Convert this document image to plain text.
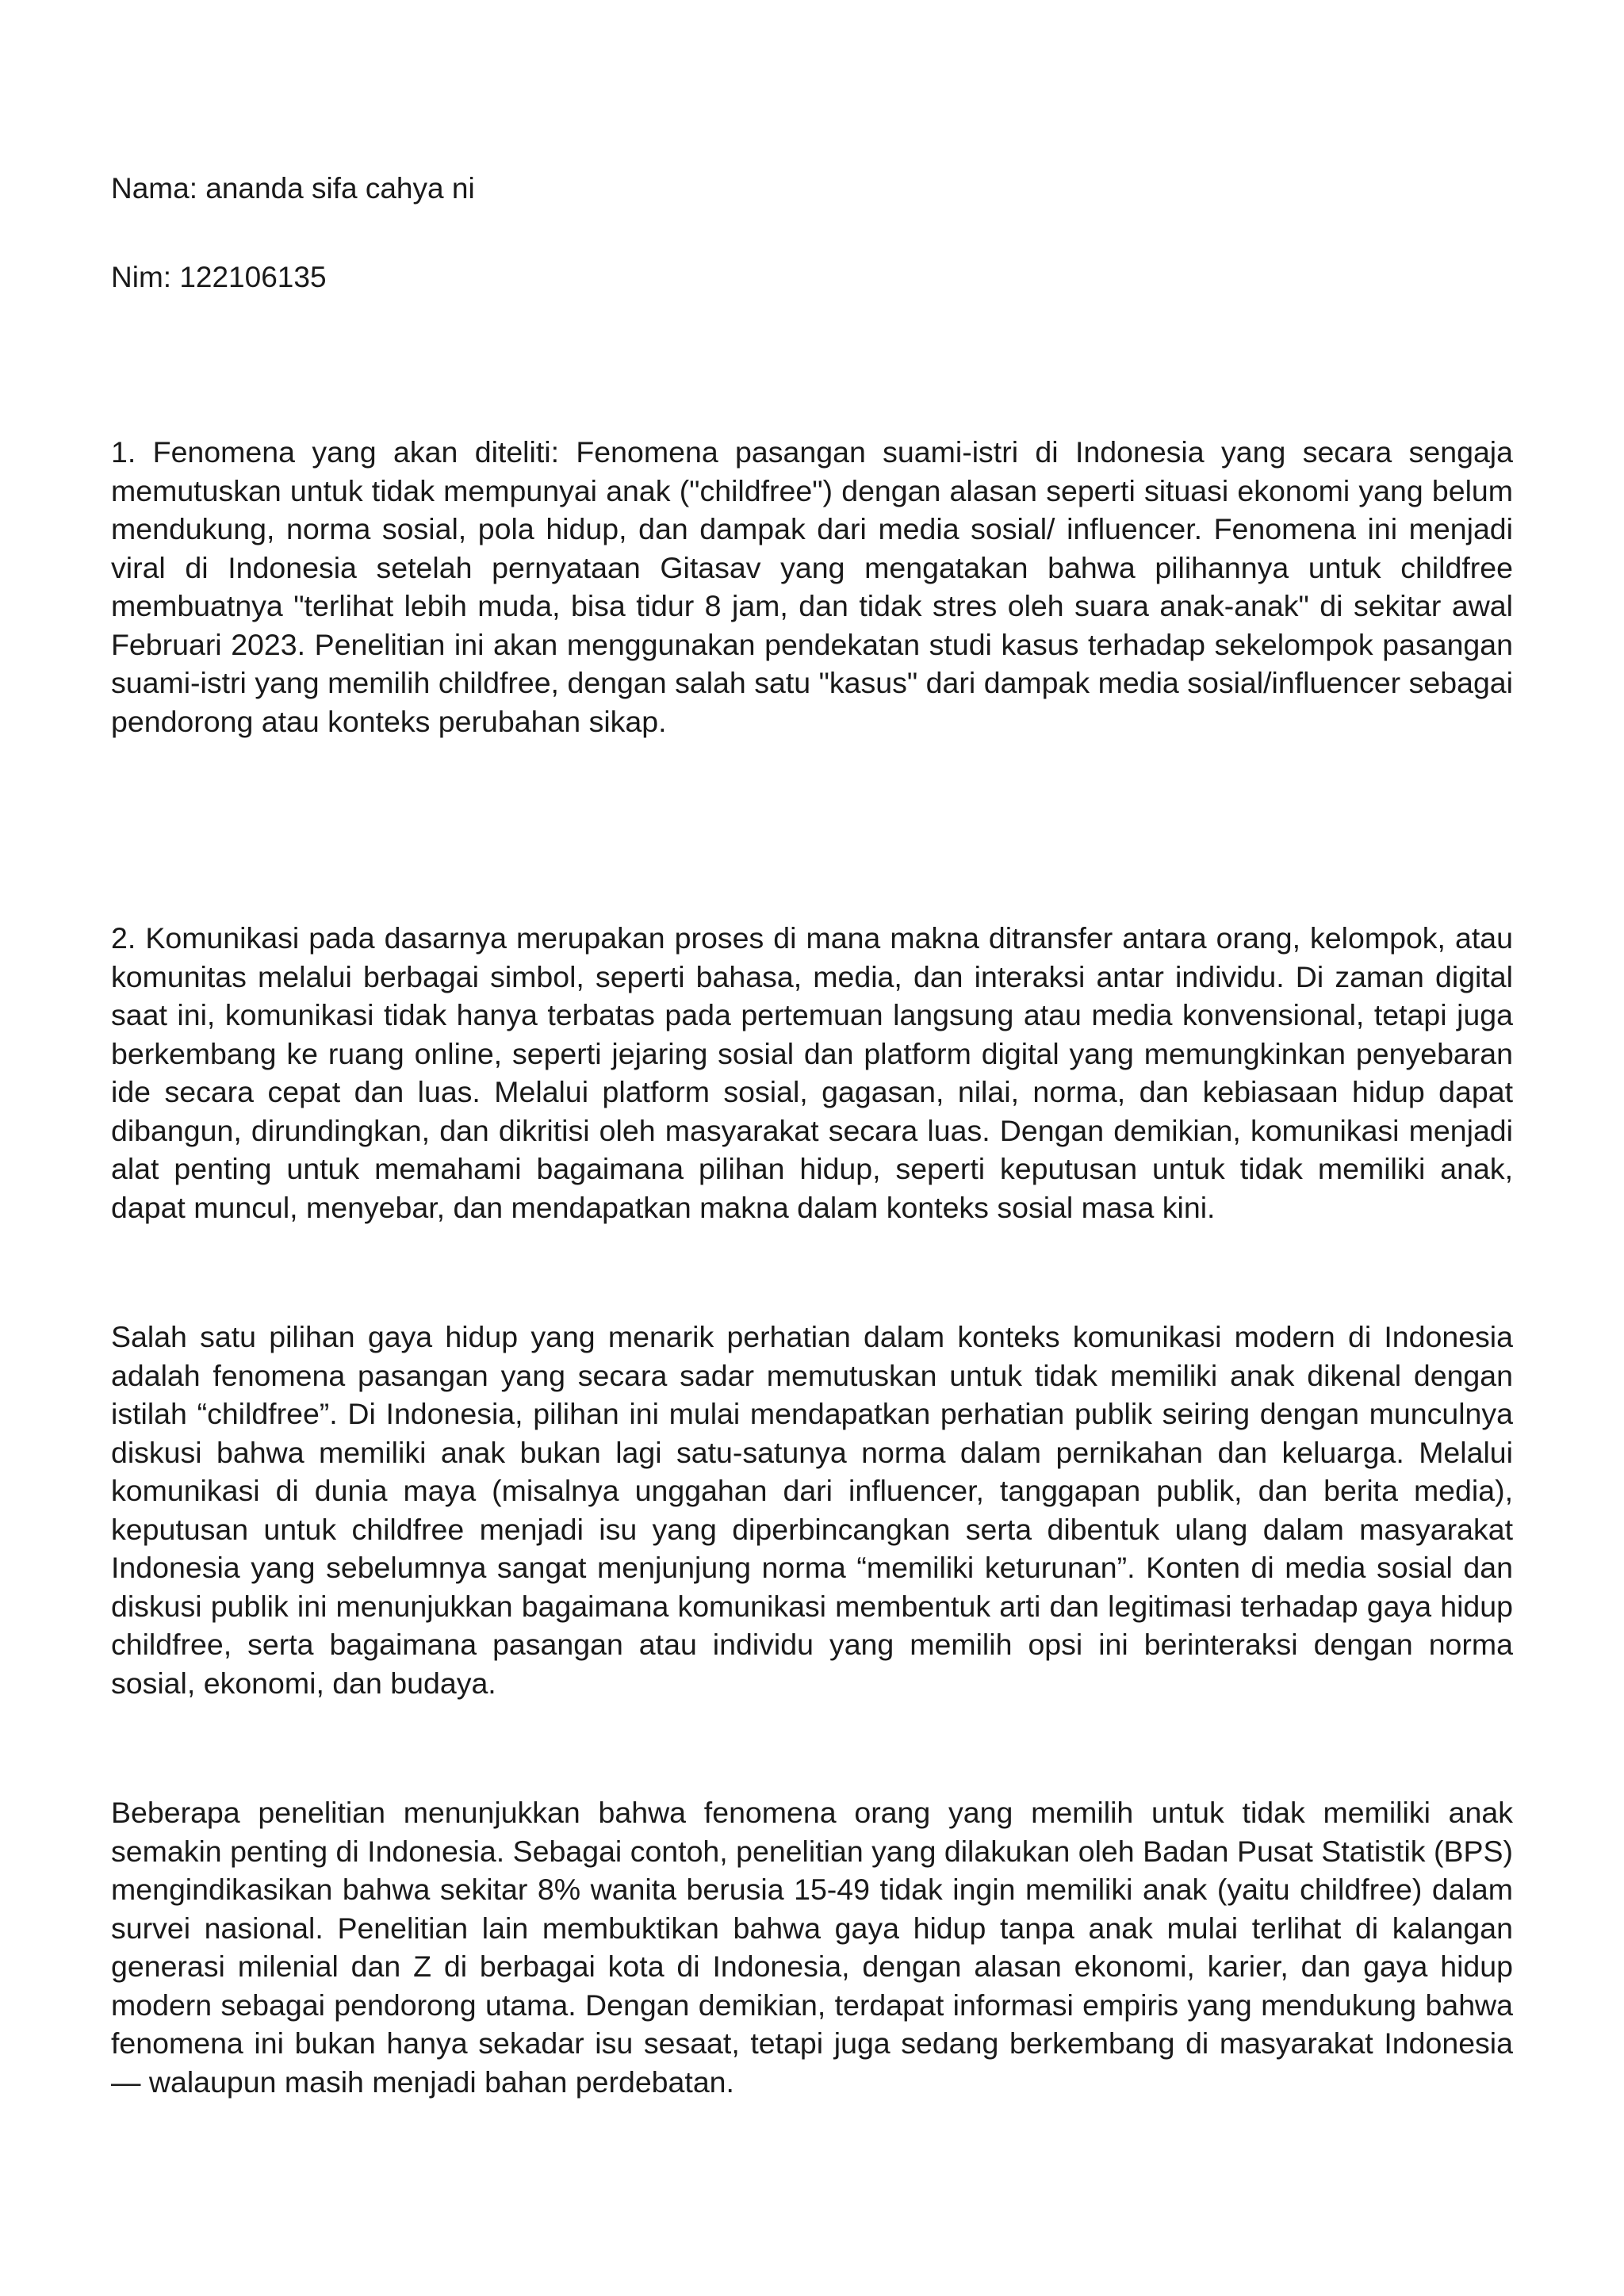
Nama: ananda sifa cahya ni

Nim: 122106135

1. Fenomena yang akan diteliti: Fenomena pasangan suami‑istri di Indonesia yang secara sengaja memutuskan untuk tidak mempunyai anak ("childfree") dengan alasan seperti situasi ekonomi yang belum mendukung, norma sosial, pola hidup, dan dampak dari media sosial/ influencer. Fenomena ini menjadi viral di Indonesia setelah pernyataan Gitasav yang mengatakan bahwa pilihannya untuk childfree membuatnya "terlihat lebih muda, bisa tidur 8 jam, dan tidak stres oleh suara anak‑anak" di sekitar awal Februari 2023. Penelitian ini akan menggunakan pendekatan studi kasus terhadap sekelompok pasangan suami‑istri yang memilih childfree, dengan salah satu "kasus" dari dampak media sosial/influencer sebagai pendorong atau konteks perubahan sikap.

2. Komunikasi pada dasarnya merupakan proses di mana makna ditransfer antara orang, kelompok, atau komunitas melalui berbagai simbol, seperti bahasa, media, dan interaksi antar individu. Di zaman digital saat ini, komunikasi tidak hanya terbatas pada pertemuan langsung atau media konvensional, tetapi juga berkembang ke ruang online, seperti jejaring sosial dan platform digital yang memungkinkan penyebaran ide secara cepat dan luas. Melalui platform sosial, gagasan, nilai, norma, dan kebiasaan hidup dapat dibangun, dirundingkan, dan dikritisi oleh masyarakat secara luas. Dengan demikian, komunikasi menjadi alat penting untuk memahami bagaimana pilihan hidup, seperti keputusan untuk tidak memiliki anak, dapat muncul, menyebar, dan mendapatkan makna dalam konteks sosial masa kini.

Salah satu pilihan gaya hidup yang menarik perhatian dalam konteks komunikasi modern di Indonesia adalah fenomena pasangan yang secara sadar memutuskan untuk tidak memiliki anak dikenal dengan istilah “childfree”. Di Indonesia, pilihan ini mulai mendapatkan perhatian publik seiring dengan munculnya diskusi bahwa memiliki anak bukan lagi satu‑satunya norma dalam pernikahan dan keluarga. Melalui komunikasi di dunia maya (misalnya unggahan dari influencer, tanggapan publik, dan berita media), keputusan untuk childfree menjadi isu yang diperbincangkan serta dibentuk ulang dalam masyarakat Indonesia yang sebelumnya sangat menjunjung norma “memiliki keturunan”. Konten di media sosial dan diskusi publik ini menunjukkan bagaimana komunikasi membentuk arti dan legitimasi terhadap gaya hidup childfree, serta bagaimana pasangan atau individu yang memilih opsi ini berinteraksi dengan norma sosial, ekonomi, dan budaya.

Beberapa penelitian menunjukkan bahwa fenomena orang yang memilih untuk tidak memiliki anak semakin penting di Indonesia. Sebagai contoh, penelitian yang dilakukan oleh Badan Pusat Statistik (BPS) mengindikasikan bahwa sekitar 8% wanita berusia 15-49 tidak ingin memiliki anak (yaitu childfree) dalam survei nasional. Penelitian lain membuktikan bahwa gaya hidup tanpa anak mulai terlihat di kalangan generasi milenial dan Z di berbagai kota di Indonesia, dengan alasan ekonomi, karier, dan gaya hidup modern sebagai pendorong utama. Dengan demikian, terdapat informasi empiris yang mendukung bahwa fenomena ini bukan hanya sekadar isu sesaat, tetapi juga sedang berkembang di masyarakat Indonesia — walaupun masih menjadi bahan perdebatan.
